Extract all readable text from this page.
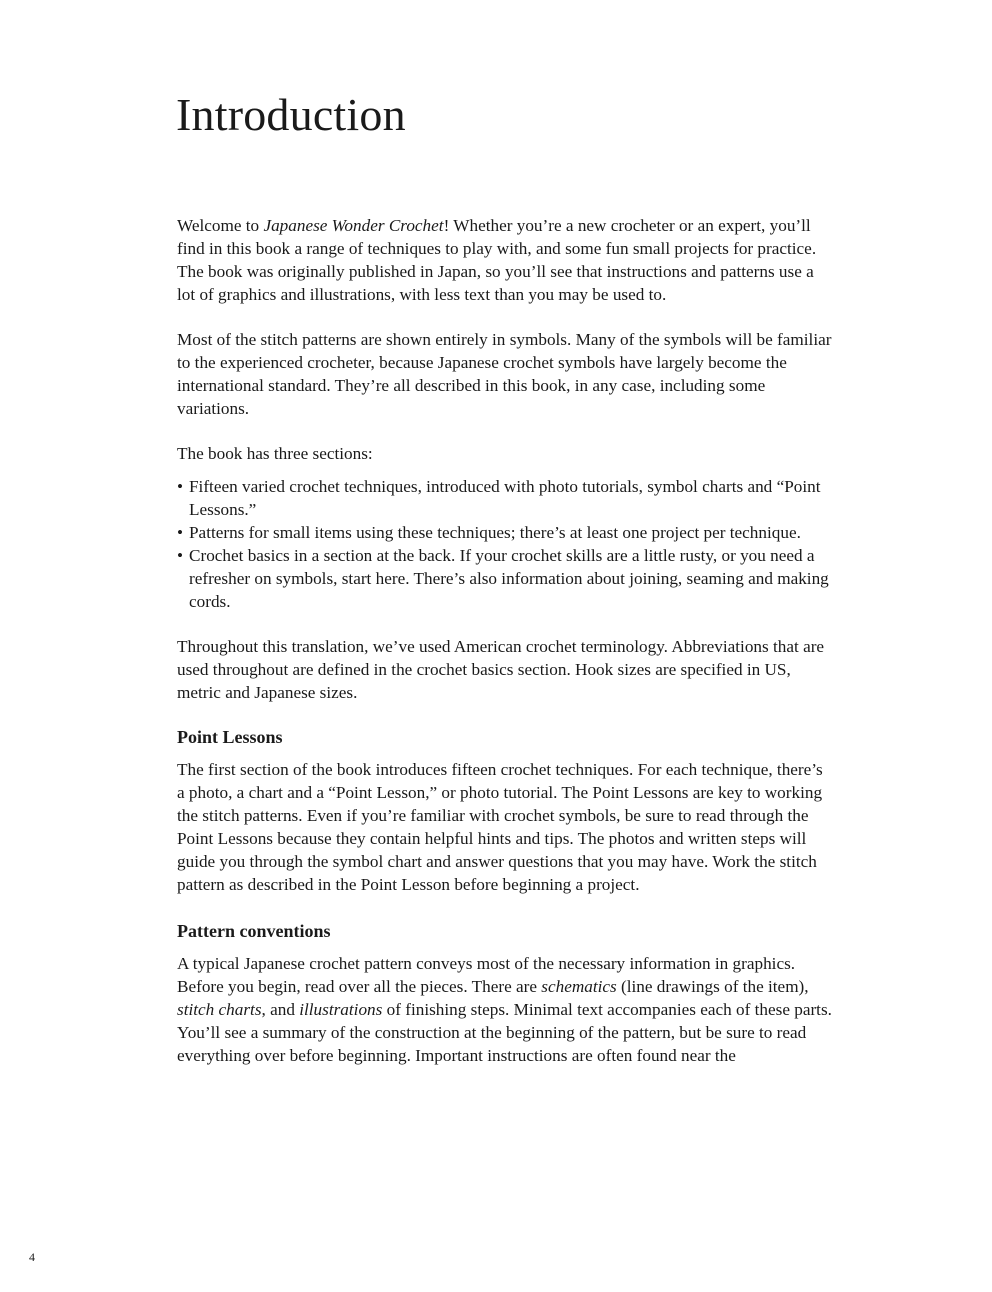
Introduction

Welcome to Japanese Wonder Crochet! Whether you’re a new crocheter or an expert, you’ll find in this book a range of techniques to play with, and some fun small projects for practice. The book was originally published in Japan, so you’ll see that instructions and patterns use a lot of graphics and illustrations, with less text than you may be used to.

Most of the stitch patterns are shown entirely in symbols. Many of the symbols will be familiar to the experienced crocheter, because Japanese crochet symbols have largely become the international standard. They’re all described in this book, in any case, including some variations.

The book has three sections:

• Fifteen varied crochet techniques, introduced with photo tutorials, symbol charts and “Point Lessons.”
• Patterns for small items using these techniques; there’s at least one project per technique.
• Crochet basics in a section at the back. If your crochet skills are a little rusty, or you need a refresher on symbols, start here. There’s also information about joining, seaming and making cords.

Throughout this translation, we’ve used American crochet terminology. Abbreviations that are used throughout are defined in the crochet basics section. Hook sizes are specified in US, metric and Japanese sizes.

Point Lessons

The first section of the book introduces fifteen crochet techniques. For each technique, there’s a photo, a chart and a “Point Lesson,” or photo tutorial. The Point Lessons are key to working the stitch patterns. Even if you’re familiar with crochet symbols, be sure to read through the Point Lessons because they contain helpful hints and tips. The photos and written steps will guide you through the symbol chart and answer questions that you may have. Work the stitch pattern as described in the Point Lesson before beginning a project.

Pattern conventions

A typical Japanese crochet pattern conveys most of the necessary information in graphics. Before you begin, read over all the pieces. There are schematics (line drawings of the item), stitch charts, and illustrations of finishing steps. Minimal text accompanies each of these parts. You’ll see a summary of the construction at the beginning of the pattern, but be sure to read everything over before beginning. Important instructions are often found near the

4
